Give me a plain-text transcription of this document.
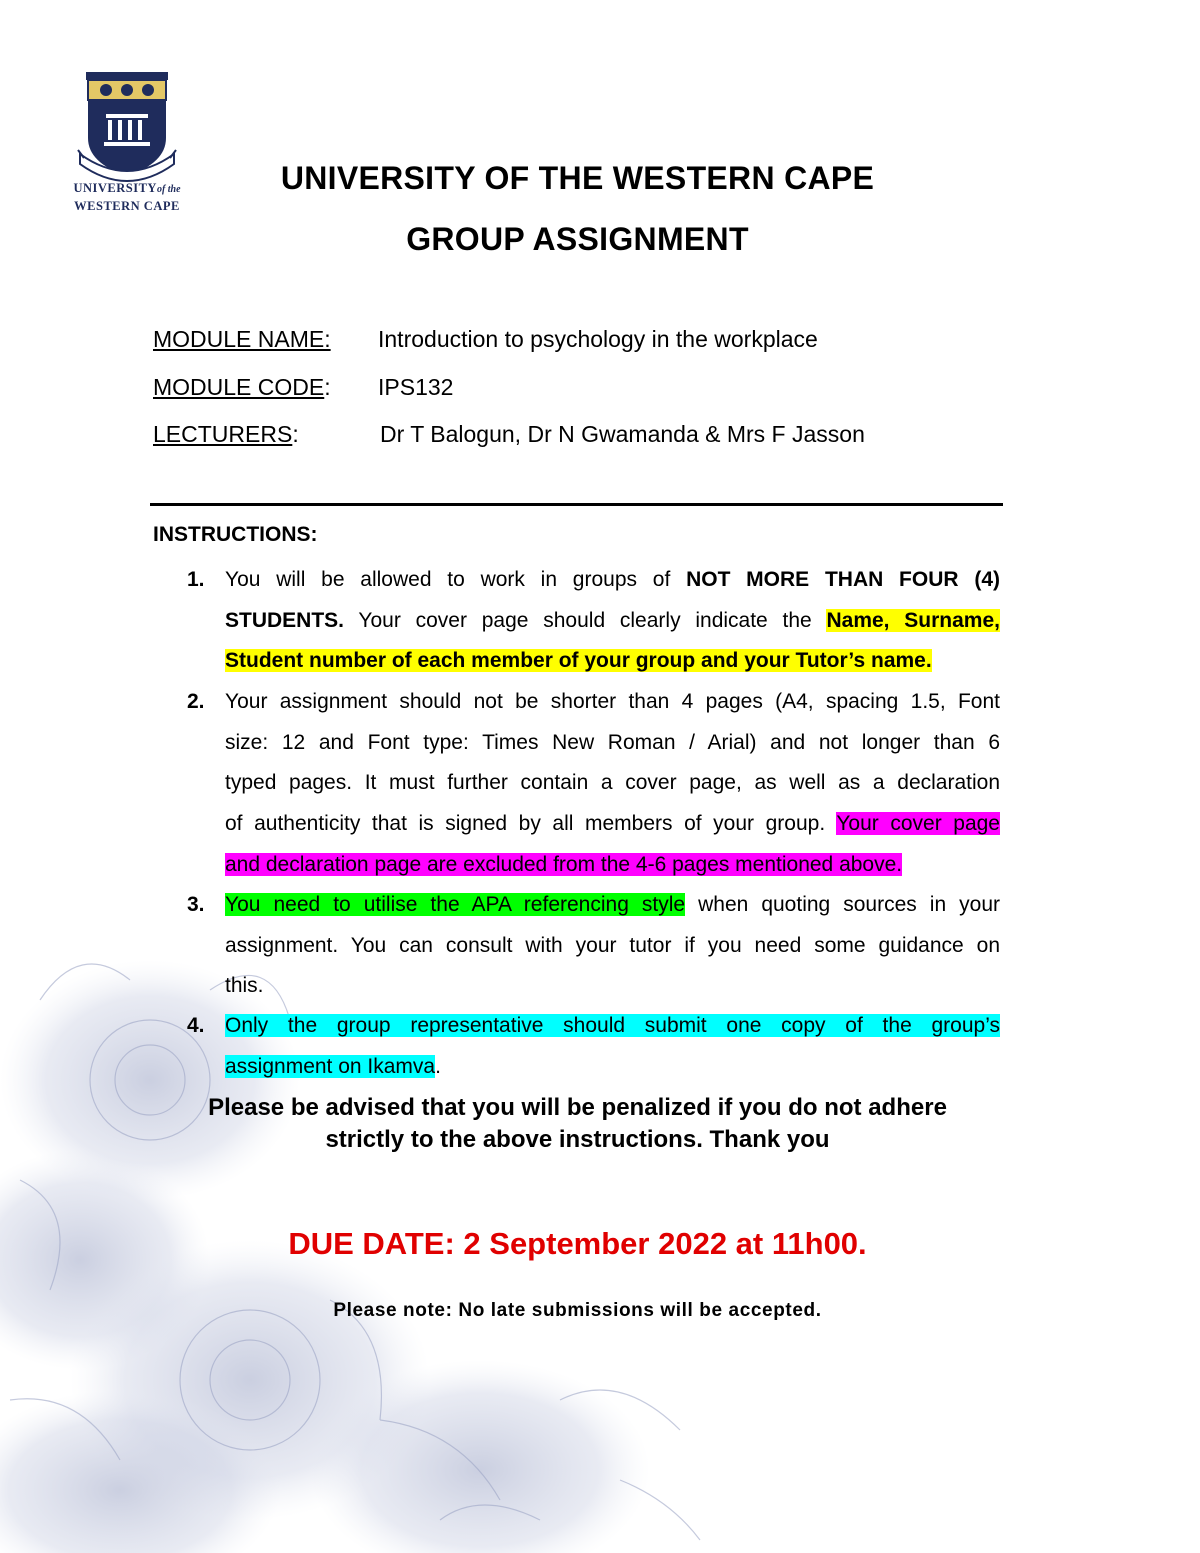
UNIVERSITYof the
WESTERN CAPE
UNIVERSITY OF THE WESTERN CAPE
GROUP ASSIGNMENT
MODULE NAME: Introduction to psychology in the workplace
MODULE CODE: IPS132
LECTURERS:	Dr T Balogun, Dr N Gwamanda & Mrs F Jasson
INSTRUCTIONS:
1. You will be allowed to work in groups of NOT MORE THAN FOUR (4)
STUDENTS. Your cover page should clearly indicate the Name, Surname,
Student number of each member of your group and your Tutor’s name.
2. Your assignment should not be shorter than 4 pages (A4, spacing 1.5, Font
size: 12 and Font type: Times New Roman / Arial) and not longer than 6
typed pages. It must further contain a cover page, as well as a declaration
of authenticity that is signed by all members of your group. Your cover page
and declaration page are excluded from the 4-6 pages mentioned above.
3. You need to utilise the APA referencing style when quoting sources in your
assignment. You can consult with your tutor if you need some guidance on
this.
4. Only the group representative should submit one copy of the group’s
assignment on Ikamva.
Please be advised that you will be penalized if you do not adhere
strictly to the above instructions. Thank you
DUE DATE: 2 September 2022 at 11h00.
Please note: No late submissions will be accepted.
